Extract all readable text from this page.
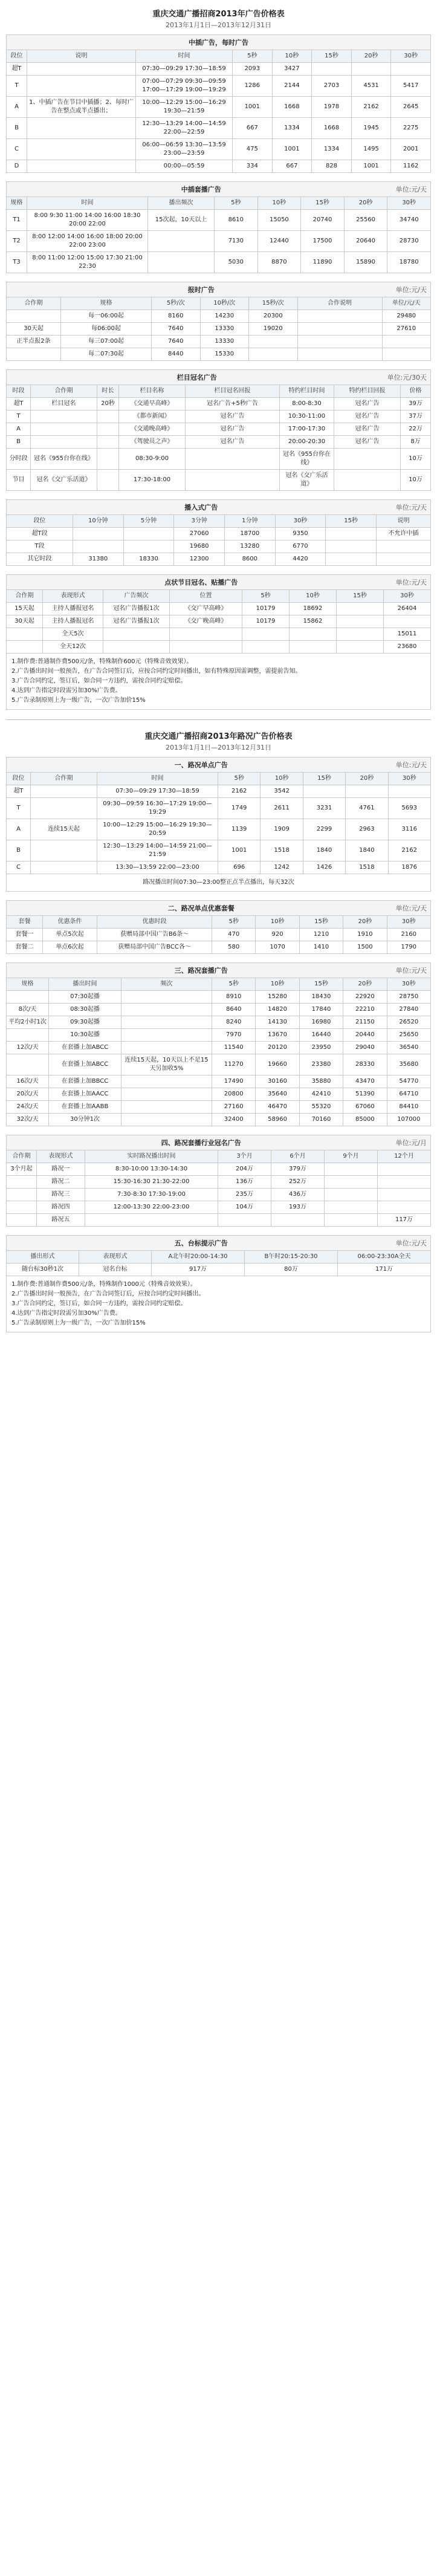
重庆交通广播招商2013年广告价格表
2013年1月1日—2013年12月31日
中插广告，每时广告
段位	说明	时间	5秒	10秒	15秒	20秒	30秒
超T		07:30—09:29 17:30—18:59	2093	3427			
T		07:00—07:29 09:30—09:59 17:00—17:29 19:00—19:29	1286	2144	2703	4531	5417
A	1、中插广告在节目中插播；2、每时广告在整点或半点播出；	10:00—12:29 15:00—16:29 19:30—21:59	1001	1668	1978	2162	2645
B		12:30—13:29 14:00—14:59 22:00—22:59	667	1334	1668	1945	2275
C		06:00—06:59 13:30—13:59 23:00—23:59	475	1001	1334	1495	2001
D		00:00—05:59	334	667	828	1001	1162
中插套播广告	单位:元/天
规格	时间	播出频次	5秒	10秒	15秒	20秒	30秒
T1	8:00 9:30 11:00 14:00 16:00 18:30 20:00 22:00	15次起，10天以上	8610	15050	20740	25560	34740
T2	8:00 12:00 14:00 16:00 18:00 20:00 22:00 23:00		7130	12440	17500	20640	28730
T3	8:00 11:00 12:00 15:00 17:30 21:00 22:30		5030	8870	11890	15890	18780
报时广告	单位:元/天
合作期	规格	5秒/次	10秒/次	15秒/次	合作说明	单位/元/天
	每一06:00起	8160	14230	20300		29480
30天起	每06:00起	7640	13330	19020		27610
正半点报2条	每三07:00起	7640	13330			
	每二07:30起	8440	15330			
栏目冠名广告	单位:元/30天
时段	合作期	时长	栏目名称	栏目冠名回报	特约栏目时间	特约栏目回报	价格
超T	栏目冠名	20秒	《交通早高峰》	冠名广告+5秒广告	8:00-8:30	冠名广告	39万
T			《都市新闻》	冠名广告	10:30-11:00	冠名广告	37万
A			《交通晚高峰》	冠名广告	17:00-17:30	冠名广告	22万
B			《驾驶员之声》	冠名广告	20:00-20:30	冠名广告	8万
分时段	冠名《955台你在线》		08:30-9:00		冠名《955台你在线》		10万
节目	冠名《交广乐活道》		17:30-18:00		冠名《交广乐活道》		10万
播入式广告	单位:元/天
段位	10分钟	5分钟	3分钟	1分钟	30秒	15秒	说明
超T段			27060	18700	9350		不允许中插
T段			19680	13280	6770		
其它时段	31380	18330	12300	8600	4420		
点状节目冠名、贴播广告	单位:元/天
合作期	表现形式	广告频次	位置	5秒	10秒	15秒	30秒
15天起	主持人播报冠名	冠名广告播报1次	《交广早高峰》	10179	18692		26404
30天起	主持人播报冠名	冠名广告播报1次	《交广晚高峰》	10179	15862		
	全天5次						15011
	全天12次						23680
1.制作费:普通制作费500元/条，特殊制作600元（特殊音效效果）。
2.广告播出时间一般预告，在广告合同签订后，应按合同约定时间播出，如有特殊原因需调整，需提前告知。
3.广告合同约定，签订后，如合同一方违约，需按合同约定赔偿。
4.达到广告指定时段需另加30%广告费。
5.广告录制原则上为一级广告，一次广告加价15%
重庆交通广播招商2013年路况广告价格表
2013年1月1日—2013年12月31日
一、路况单点广告	单位:元/天
段位	合作期	时间	5秒	10秒	15秒	20秒	30秒
超T		07:30—09:29 17:30—18:59	2162	3542			
T		09:30—09:59 16:30—17:29 19:00—19:29	1749	2611	3231	4761	5693
A	连续15天起	10:00—12:29 15:00—16:29 19:30—20:59	1139	1909	2299	2963	3116
B		12:30—13:29 14:00—14:59 21:00—21:59	1001	1518	1840	1840	2162
C		13:30—13:59 22:00—23:00	696	1242	1426	1518	1876
路况播出时间07:30—23:00整正点半点播出，每天32次
二、路况单点优惠套餐	单位:元/天
套餐	优惠条件	优惠时段	5秒	10秒	15秒	20秒	30秒
套餐一	单点5次起	获赠局部中国广告B6条～	470	920	1210	1910	2160
套餐二	单点6次起	获赠局部中国广告BCC各～	580	1070	1410	1500	1790
三、路况套播广告	单位:元/天
规格	播出时间	频次	5秒	10秒	15秒	20秒	30秒
	07:30起播		8910	15280	18430	22920	28750
8次/天	08:30起播		8640	14820	17840	22210	27840
平均2小时1次	09:30起播		8240	14130	16980	21150	26520
	10:30起播		7970	13670	16440	20440	25650
12次/天	在套播上加ABCC		11540	20120	23950	29040	36540
	在套播上加ABCC	连续15天起，10天以上不足15天另加收5%	11270	19660	23380	28330	35680
16次/天	在套播上加BBCC		17490	30160	35880	43470	54770
20次/天	在套播上加AACC		20800	35640	42410	51390	64710
24次/天	在套播上加AABB		27160	46470	55320	67060	84410
32次/天	30分钟1次		32400	58960	70160	85000	107000
四、路况套播行业冠名广告	单位:元/月
合作期	表现形式	实时路况播出时间	3个月	6个月	9个月	12个月
3个月起	路况一	8:30-10:00 13:30-14:30	204万	379万		
	路况二	15:30-16:30 21:30-22:00	136万	252万		
	路况三	7:30-8:30 17:30-19:00	235万	436万		
	路况四	12:00-13:30 22:00-23:00	104万	193万		
	路况五					117万
五、台标提示广告	单位:元/天
播出形式	表现形式	A北午时20:00-14:30	B午时20:15-20:30	06:00-23:30A全天
随台标30秒1次	冠名台标	917万	80万	171万
1.制作费:普通制作费500元/条，特殊制作1000元（特殊音效效果）。
2.广告播出时间一般预告，在广告合同签订后，应按合同约定时间播出。
3.广告合同约定，签订后，如合同一方违约，需按合同约定赔偿。
4.达到广告指定时段需另加30%广告费。
5.广告录制原则上为一级广告，一次广告加价15%
